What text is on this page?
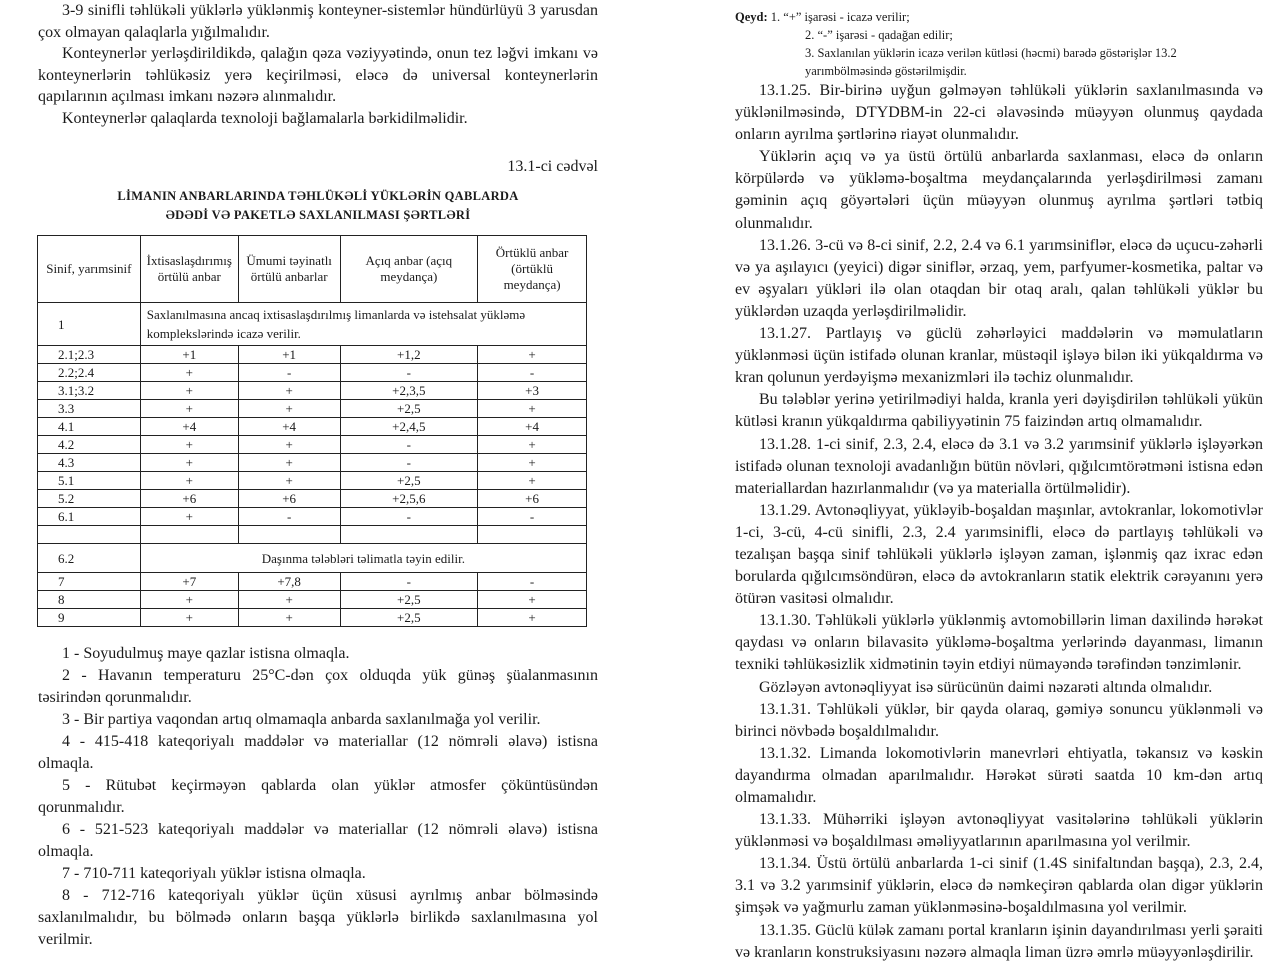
3-9 sinifli təhlükəli yüklərlə yüklənmiş konteyner-sistemlər hündürlüyü 3 yarusdan çox olmayan qalaqlarla yığılmalıdır.

Konteynerlər yerləşdirildikdə, qalağın qəza vəziyyətində, onun tez ləğvi imkanı və konteynerlərin təhlükəsiz yerə keçirilməsi, eləcə də universal konteynerlərin qapılarının açılması imkanı nəzərə alınmalıdır.

Konteynerlər qalaqlarda texnoloji bağlamalarla bərkidilməlidir.

13.1-ci cədvəl

LİMANIN ANBARLARINDA TƏHLÜKƏLİ YÜKLƏRİN QABLARDA
ƏDƏDİ VƏ PAKETLƏ SAXLANILMASI ŞƏRTLƏRİ
Sinif, yarımsinif	İxtisaslaşdırımış örtülü anbar	Ümumi təyinatlı örtülü anbarlar	Açıq anbar (açıq meydança)	Örtüklü anbar (örtüklü meydança)
1	Saxlanılmasına ancaq ixtisaslaşdırılmış limanlarda və istehsalat yükləmə komplekslərində icazə verilir.			
2.1;2.3	+1	+1	+1,2	+
2.2;2.4	+	-	-	-
3.1;3.2	+	+	+2,3,5	+3
3.3	+	+	+2,5	+
4.1	+4	+4	+2,4,5	+4
4.2	+	+	-	+
4.3	+	+	-	+
5.1	+	+	+2,5	+
5.2	+6	+6	+2,5,6	+6
6.1	+	-	-	-

6.2	Daşınma tələbləri təlimatla təyin edilir.			
7	+7	+7,8	-	-
8	+	+	+2,5	+
9	+	+	+2,5	+

1 - Soyudulmuş maye qazlar istisna olmaqla.

2 - Havanın temperaturu 25°C-dən çox olduqda yük günəş şüalanmasının təsirindən qorunmalıdır.

3 - Bir partiya vaqondan artıq olmamaqla anbarda saxlanılmağa yol verilir.

4 - 415-418 kateqoriyalı maddələr və materiallar (12 nömrəli əlavə) istisna olmaqla.

5 - Rütubət keçirməyən qablarda olan yüklər atmosfer çöküntüsündən qorunmalıdır.

6 - 521-523 kateqoriyalı maddələr və materiallar (12 nömrəli əlavə) istisna olmaqla.

7 - 710-711 kateqoriyalı yüklər istisna olmaqla.

8 - 712-716 kateqoriyalı yüklər üçün xüsusi ayrılmış anbar bölməsində saxlanılmalıdır, bu bölmədə onların başqa yüklərlə birlikdə saxlanılmasına yol verilmir.

Qeyd: 1. “+” işarəsi - icazə verilir;
2. “-” işarəsi - qadağan edilir;
3. Saxlanılan yüklərin icazə verilən kütləsi (həcmi) barədə göstərişlər 13.2 yarımbölməsində göstərilmişdir.

13.1.25. Bir-birinə uyğun gəlməyən təhlükəli yüklərin saxlanılmasında və yüklənilməsində, DTYDBM-in 22-ci əlavəsində müəyyən olunmuş qaydada onların ayrılma şərtlərinə riayət olunmalıdır.

Yüklərin açıq və ya üstü örtülü anbarlarda saxlanması, eləcə də onların körpülərdə və yükləmə-boşaltma meydançalarında yerləşdirilməsi zamanı gəminin açıq göyərtələri üçün müəyyən olunmuş ayrılma şərtləri tətbiq olunmalıdır.

13.1.26. 3-cü və 8-ci sinif, 2.2, 2.4 və 6.1 yarımsiniflər, eləcə də uçucu-zəhərli və ya aşılayıcı (yeyici) digər siniflər, ərzaq, yem, parfyumer-kosmetika, paltar və ev əşyaları yükləri ilə olan otaqdan bir otaq aralı, qalan təhlükəli yüklər bu yüklərdən uzaqda yerləşdirilməlidir.

13.1.27. Partlayış və güclü zəhərləyici maddələrin və məmulatların yüklənməsi üçün istifadə olunan kranlar, müstəqil işləyə bilən iki yükqaldırma və kran qolunun yerdəyişmə mexanizmləri ilə təchiz olunmalıdır.

Bu tələblər yerinə yetirilmədiyi halda, kranla yeri dəyişdirilən təhlükəli yükün kütləsi kranın yükqaldırma qabiliyyətinin 75 faizindən artıq olmamalıdır.

13.1.28. 1-ci sinif, 2.3, 2.4, eləcə də 3.1 və 3.2 yarımsinif yüklərlə işləyərkən istifadə olunan texnoloji avadanlığın bütün növləri, qığılcımtörətməni istisna edən materiallardan hazırlanmalıdır (və ya materialla örtülməlidir).

13.1.29. Avtonəqliyyat, yükləyib-boşaldan maşınlar, avtokranlar, lokomotivlər 1-ci, 3-cü, 4-cü sinifli, 2.3, 2.4 yarımsinifli, eləcə də partlayış təhlükəli və tezalışan başqa sinif təhlükəli yüklərlə işləyən zaman, işlənmiş qaz ixrac edən borularda qığılcımsöndürən, eləcə də avtokranların statik elektrik cərəyanını yerə ötürən vasitəsi olmalıdır.

13.1.30. Təhlükəli yüklərlə yüklənmiş avtomobillərin liman daxilində hərəkət qaydası və onların bilavasitə yükləmə-boşaltma yerlərində dayanması, limanın texniki təhlükəsizlik xidmətinin təyin etdiyi nümayəndə tərəfindən tənzimlənir.

Gözləyən avtonəqliyyat isə sürücünün daimi nəzarəti altında olmalıdır.

13.1.31. Təhlükəli yüklər, bir qayda olaraq, gəmiyə sonuncu yüklənməli və birinci növbədə boşaldılmalıdır.

13.1.32. Limanda lokomotivlərin manevrləri ehtiyatla, təkansız və kəskin dayandırma olmadan aparılmalıdır. Hərəkət sürəti saatda 10 km-dən artıq olmamalıdır.

13.1.33. Mühərriki işləyən avtonəqliyyat vasitələrinə təhlükəli yüklərin yüklənməsi və boşaldılması əməliyyatlarının aparılmasına yol verilmir.

13.1.34. Üstü örtülü anbarlarda 1-ci sinif (1.4S sinifaltından başqa), 2.3, 2.4, 3.1 və 3.2 yarımsinif yüklərin, eləcə də nəmkeçirən qablarda olan digər yüklərin şimşək və yağmurlu zaman yüklənməsinə-boşaldılmasına yol verilmir.

13.1.35. Güclü külək zamanı portal kranların işinin dayandırılması yerli şəraiti və kranların konstruksiyasını nəzərə almaqla liman üzrə əmrlə müəyyənləşdirilir.
